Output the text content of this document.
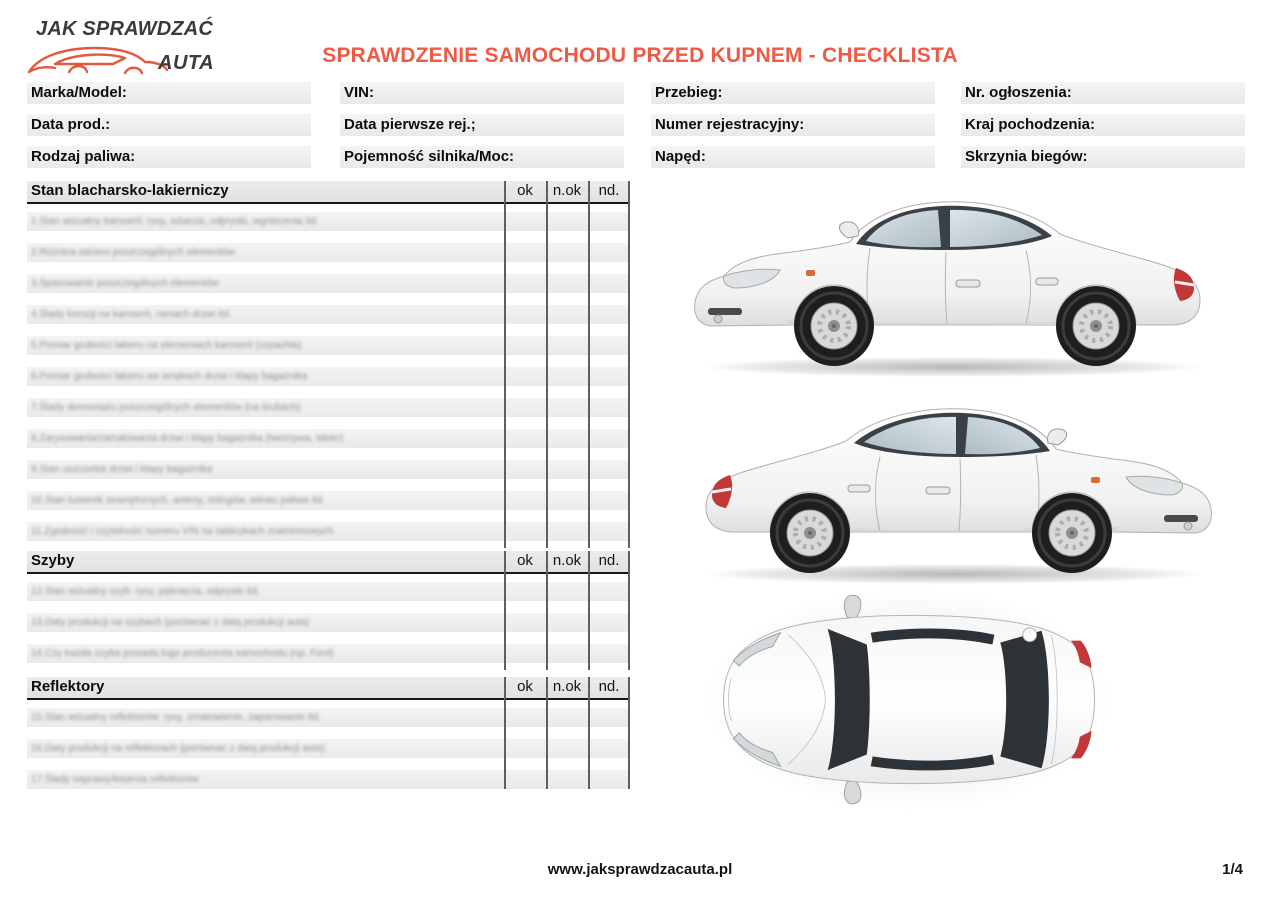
JAK SPRAWDZAĆ
AUTA	SPRAWDZENIE SAMOCHODU PRZED KUPNEM - CHECKLISTA
Marka/Model:	VIN:	Przebieg:	Nr. ogłoszenia:
Data prod.:	Data pierwsze rej.;	Numer rejestracyjny:	Kraj pochodzenia:
Rodzaj paliwa:	Pojemność silnika/Moc:	Napęd:	Skrzynia biegów:
Stan blacharsko-lakierniczy	ok	n.ok	nd.
1.Stan wizualny karoserii: rysy, wżarcia, odpryski, wgniecenia itd.
2.Różnica odcieni poszczególnych elementów
3.Spasowanie poszczególnych elementów
4.Ślady korozji na karoserii, ramach drzwi itd.
5.Pomiar grubości lakieru na elementach karoserii (szpachla)
6.Pomiar grubości lakieru we wnękach drzwi i klapy bagażnika
7.Ślady demontażu poszczególnych elementów (na śrubach)
8.Zarysowania/zamalowania drzwi i klapy bagażnika (tworzywa, lakier)
9.Stan uszczelek drzwi i klapy bagażnika
10.Stan lusterek zewnętrznych, anteny, relingów, wlewu paliwa itd.
11.Zgodność i czytelność numeru VIN na tabliczkach znamionowych
Szyby	ok	n.ok	nd.
12.Stan wizualny szyb: rysy, pęknięcia, odpryski itd.
13.Daty produkcji na szybach (porównać z datą produkcji auta)
14.Czy każda szyba posiada logo producenta samochodu (np. Ford)
Reflektory	ok	n.ok	nd.
15.Stan wizualny reflektorów: rysy, zmatowienie, zaparowanie itd.
16.Daty produkcji na reflektorach (porównać z datą produkcji auta)
17.Ślady naprawy/klejenia reflektorów
www.jaksprawdzacauta.pl	1/4
